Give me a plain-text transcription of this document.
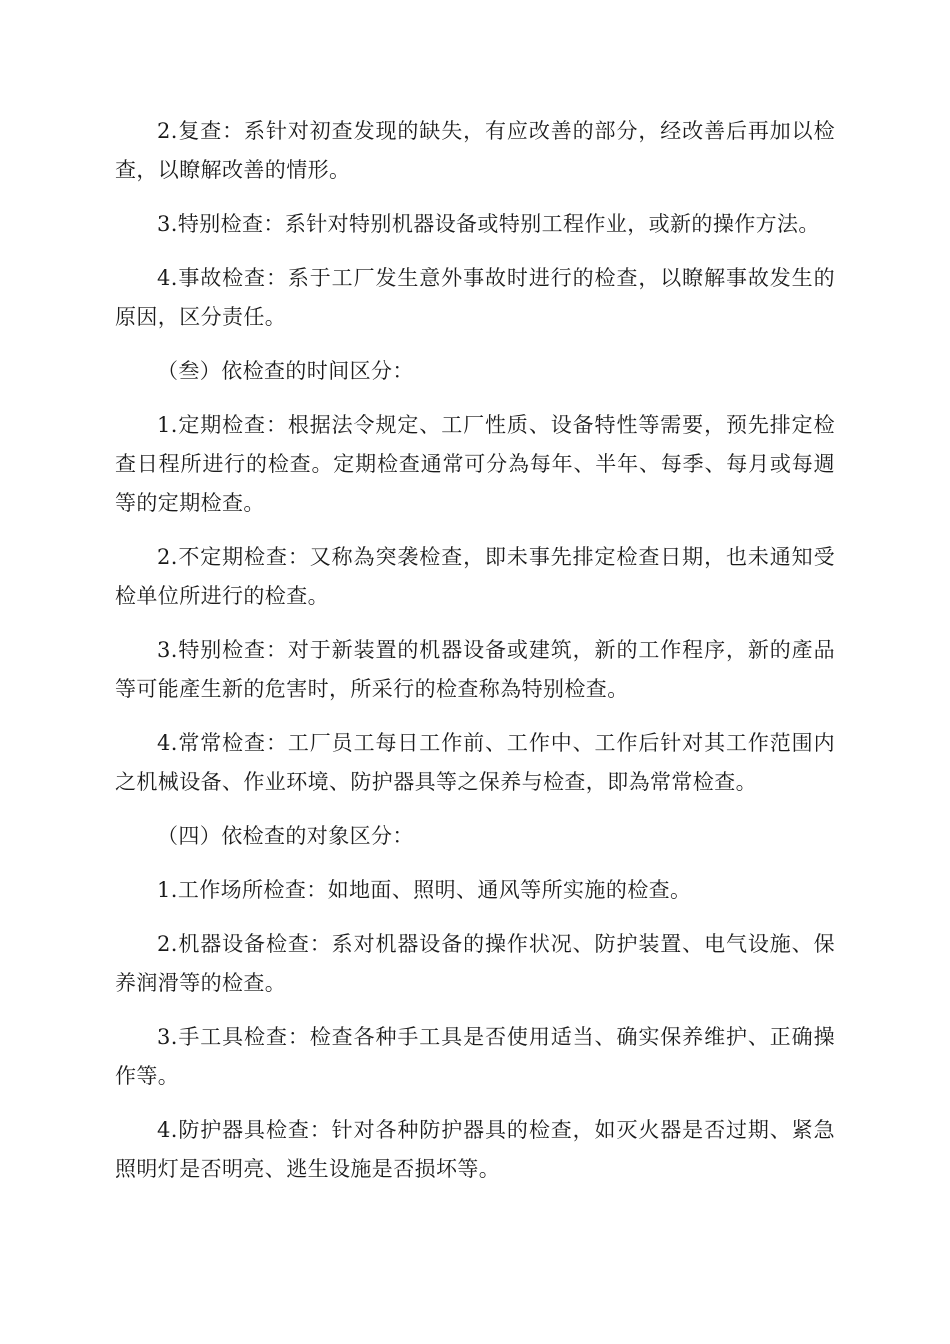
2.复查：系针对初查发现的缺失，有应改善的部分，经改善后再加以检查，以瞭解改善的情形。

3.特别检查：系针对特别机器设备或特别工程作业，或新的操作方法。

4.事故检查：系于工厂发生意外事故时进行的检查，以瞭解事故发生的原因，区分责任。

（叁）依检查的时间区分：

1.定期检查：根据法令规定、工厂性质、设备特性等需要，预先排定检查日程所进行的检查。定期检查通常可分為每年、半年、每季、每月或每週等的定期检查。

2.不定期检查：又称為突袭检查，即未事先排定检查日期，也未通知受检单位所进行的检查。

3.特别检查：对于新装置的机器设备或建筑，新的工作程序，新的產品等可能產生新的危害时，所采行的检查称為特别检查。

4.常常检查：工厂员工每日工作前、工作中、工作后针对其工作范围内之机械设备、作业环境、防护器具等之保养与检查，即為常常检查。

（四）依检查的对象区分：

1.工作场所检查：如地面、照明、通风等所实施的检查。

2.机器设备检查：系对机器设备的操作状况、防护装置、电气设施、保养润滑等的检查。

3.手工具检查：检查各种手工具是否使用适当、确实保养维护、正确操作等。

4.防护器具检查：针对各种防护器具的检查，如灭火器是否过期、紧急照明灯是否明亮、逃生设施是否损坏等。
